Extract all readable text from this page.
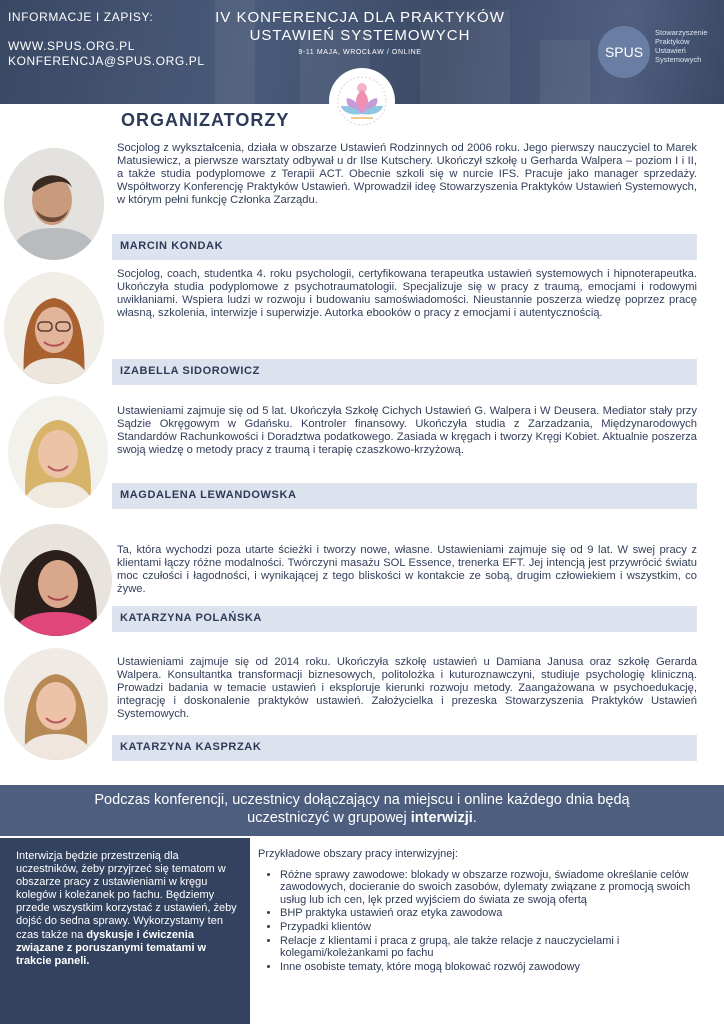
INFORMACJE I ZAPISY:
WWW.SPUS.ORG.PL
KONFERENCJA@SPUS.ORG.PL
IV KONFERENCJA DLA PRAKTYKÓW
USTAWIEŃ SYSTEMOWYCH
9-11 MAJA, WROCŁAW / ONLINE	SPUS
Stowarzyszenie
Praktyków
Ustawień
Systemowych
ORGANIZATORZY
Socjolog z wykształcenia, działa w obszarze Ustawień Rodzinnych od 2006 roku. Jego pierwszy nauczyciel to Marek Matusiewicz, a pierwsze warsztaty odbywał u dr Ilse Kutschery. Ukończył szkołę u Gerharda Walpera – poziom I i II, a także studia podyplomowe z Terapii ACT. Obecnie szkoli się w nurcie IFS. Pracuje jako manager sprzedaży. Współtworzy Konferencję Praktyków Ustawień. Wprowadził ideę Stowarzyszenia Praktyków Ustawień Systemowych, w którym pełni funkcję Członka Zarządu.
MARCIN KONDAK
Socjolog, coach, studentka 4. roku psychologii, certyfikowana terapeutka ustawień systemowych i hipnoterapeutka. Ukończyła studia podyplomowe z psychotraumatologii. Specjalizuje się w pracy z traumą, emocjami i rodowymi uwikłaniami. Wspiera ludzi w rozwoju i budowaniu samoświadomości. Nieustannie poszerza wiedzę poprzez pracę własną, szkolenia, interwizje i superwizje. Autorka ebooków o pracy z emocjami i autentycznością.
IZABELLA SIDOROWICZ
Ustawieniami zajmuje się od 5 lat. Ukończyła Szkołę Cichych Ustawień G. Walpera i W Deusera. Mediator stały przy Sądzie Okręgowym w Gdańsku. Kontroler finansowy. Ukończyła studia z Zarzadzania, Międzynarodowych Standardów Rachunkowości i Doradztwa podatkowego. Zasiada w kręgach i tworzy Kręgi Kobiet. Aktualnie poszerza swoją wiedzę o metody pracy z traumą i terapię czaszkowo-krzyżową.
MAGDALENA LEWANDOWSKA
Ta, która wychodzi poza utarte ścieżki i tworzy nowe, własne. Ustawieniami zajmuje się od 9 lat. W swej pracy z klientami łączy różne modalności. Twórczyni masażu SOL Essence, trenerka EFT. Jej intencją jest przywrócić światu moc czułości i łagodności, i wynikającej z tego bliskości w kontakcie ze sobą, drugim człowiekiem i wszystkim, co żywe.
KATARZYNA POLAŃSKA
Ustawieniami zajmuje się od 2014 roku. Ukończyła szkołę ustawień u Damiana Janusa oraz szkołę Gerarda Walpera. Konsultantka transformacji biznesowych, politolożka i kuturoznawczyni, studiuje psychologię kliniczną. Prowadzi badania w temacie ustawień i eksploruje kierunki rozwoju metody. Zaangażowana w psychoedukację, integrację i doskonalenie praktyków ustawień. Założycielka i prezeska Stowarzyszenia Praktyków Ustawień Systemowych.
KATARZYNA KASPRZAK
Podczas konferencji, uczestnicy dołączający na miejscu i online każdego dnia będą
uczestniczyć w grupowej interwizji.
Interwizja będzie przestrzenią dla uczestników, żeby przyjrzeć się tematom w obszarze pracy z ustawieniami w kręgu kolegów i koleżanek po fachu. Będziemy przede wszystkim korzystać z ustawień, żeby dojść do sedna sprawy. Wykorzystamy ten czas także na dyskusje i ćwiczenia związane z poruszanymi tematami w trakcie paneli.
Przykładowe obszary pracy interwizyjnej:
• Różne sprawy zawodowe: blokady w obszarze rozwoju, świadome określanie celów zawodowych, docieranie do swoich zasobów, dylematy związane z promocją swoich usług lub ich cen, lęk przed wyjściem do świata ze swoją ofertą
• BHP praktyka ustawień oraz etyka zawodowa
• Przypadki klientów
• Relacje z klientami i praca z grupą, ale także relacje z nauczycielami i kolegami/koleżankami po fachu
• Inne osobiste tematy, które mogą blokować rozwój zawodowy
